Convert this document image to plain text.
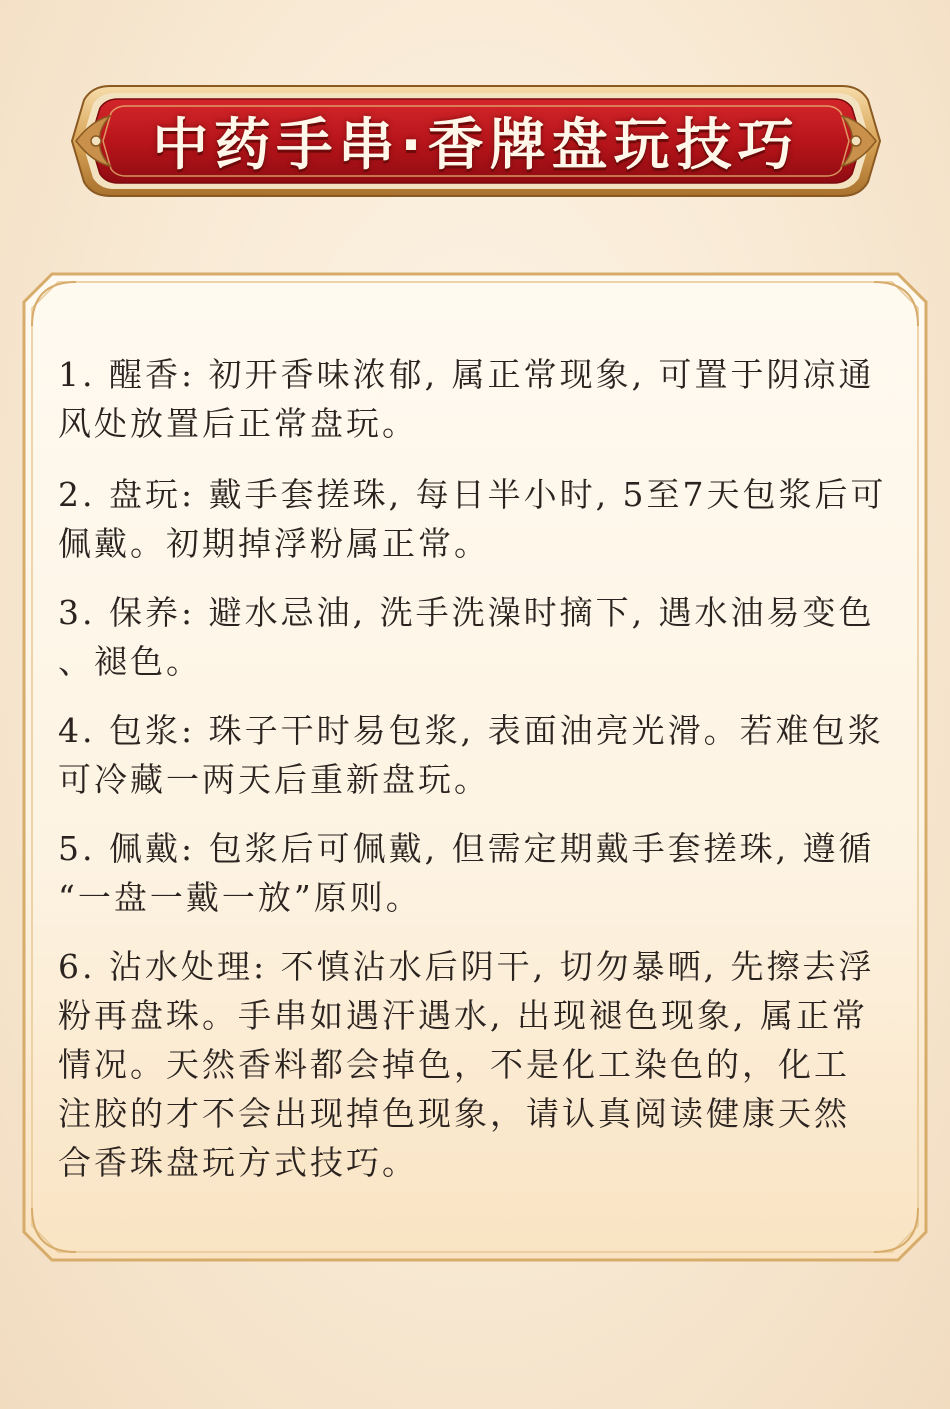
中药手串·香牌盘玩技巧
1. 醒香: 初开香味浓郁, 属正常现象, 可置于阴凉通
风处放置后正常盘玩。
2. 盘玩: 戴手套搓珠, 每日半小时, 5至7天包浆后可
佩戴。初期掉浮粉属正常。
3. 保养: 避水忌油, 洗手洗澡时摘下, 遇水油易变色
、褪色。
4. 包浆: 珠子干时易包浆, 表面油亮光滑。若难包浆
可冷藏一两天后重新盘玩。
5. 佩戴: 包浆后可佩戴, 但需定期戴手套搓珠, 遵循
“一盘一戴一放”原则。
6. 沾水处理: 不慎沾水后阴干, 切勿暴晒, 先擦去浮
粉再盘珠。手串如遇汗遇水, 出现褪色现象, 属正常
情况。天然香料都会掉色，不是化工染色的，化工
注胶的才不会出现掉色现象，请认真阅读健康天然
合香珠盘玩方式技巧。
